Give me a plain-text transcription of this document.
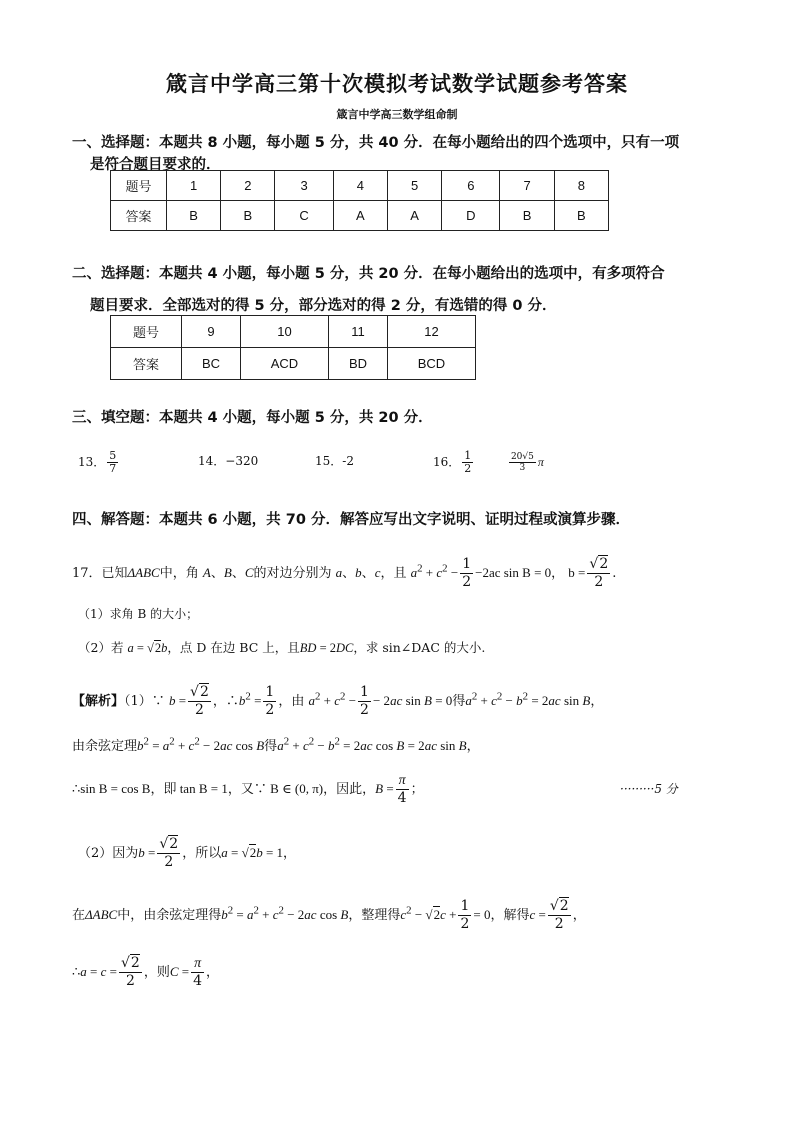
箴言中学高三第十次模拟考试数学试题参考答案
箴言中学高三数学组命制
一、选择题：本题共 8 小题，每小题 5 分，共 40 分．在每小题给出的四个选项中，只有一项
是符合题目要求的．
题号	1	2	3	4	5	6	7	8
答案	B	B	C	A	A	D	B	B
二、选择题：本题共 4 小题，每小题 5 分，共 20 分．在每小题给出的选项中，有多项符合
题目要求．全部选对的得 5 分，部分选对的得 2 分，有选错的得 0 分．
题号	9	10	11	12
答案	BC	ACD	BD	BCD
三、填空题：本题共 4 小题，每小题 5 分，共 20 分．
13． $\frac{5}{7}$	14．−320	15．-2	16． $\frac{1}{2}$
	$\frac{20√5}{3}$ π
四、解答题：本题共 6 小题，共 70 分．解答应写出文字说明、证明过程或演算步骤．
17．已知ΔABC中，角 A、B、C的对边分别为 a、b、c，且 $a^2 + c^2 - \frac{1}{2} -2ac$ sin B = 0， $b = \frac{√2}{2}$ .
（1）求角 B 的大小；
（2）若 a = √2b，点 D 在边 BC 上，且BD = 2DC，求 sin∠DAC 的大小.
【解析】（1）∵ $b = \frac{√2}{2}$ ，$\therefore b^2 = \frac{1}{2}$ ，由 $a^2 + c^2 - \frac{1}{2} - 2ac$ sin B = 0得$a^2 + c^2 - b^2 = 2ac$ sin B，
由余弦定理$b^2 = a^2 + c^2 - 2ac$ cos B得$a^2 + c^2 - b^2 = 2ac$ cos B = 2ac sin B，
∴sin B = cos B，即 tan B = 1，又∵ B ∈ (0, π)，因此，$B = \frac{\pi}{4}$ ；	·········5 分
（2）因为$b = \frac{√2}{2}$ ，所以a = √2b = 1，
在ΔABC中，由余弦定理得$b^2 = a^2 + c^2 - 2ac$ cos B，整理得$c^2 - √2c + \frac{1}{2} = 0$，解得$c = \frac{√2}{2}$ ，
∴a = $c = \frac{√2}{2}$ ，则$C = \frac{\pi}{4}$ ，
